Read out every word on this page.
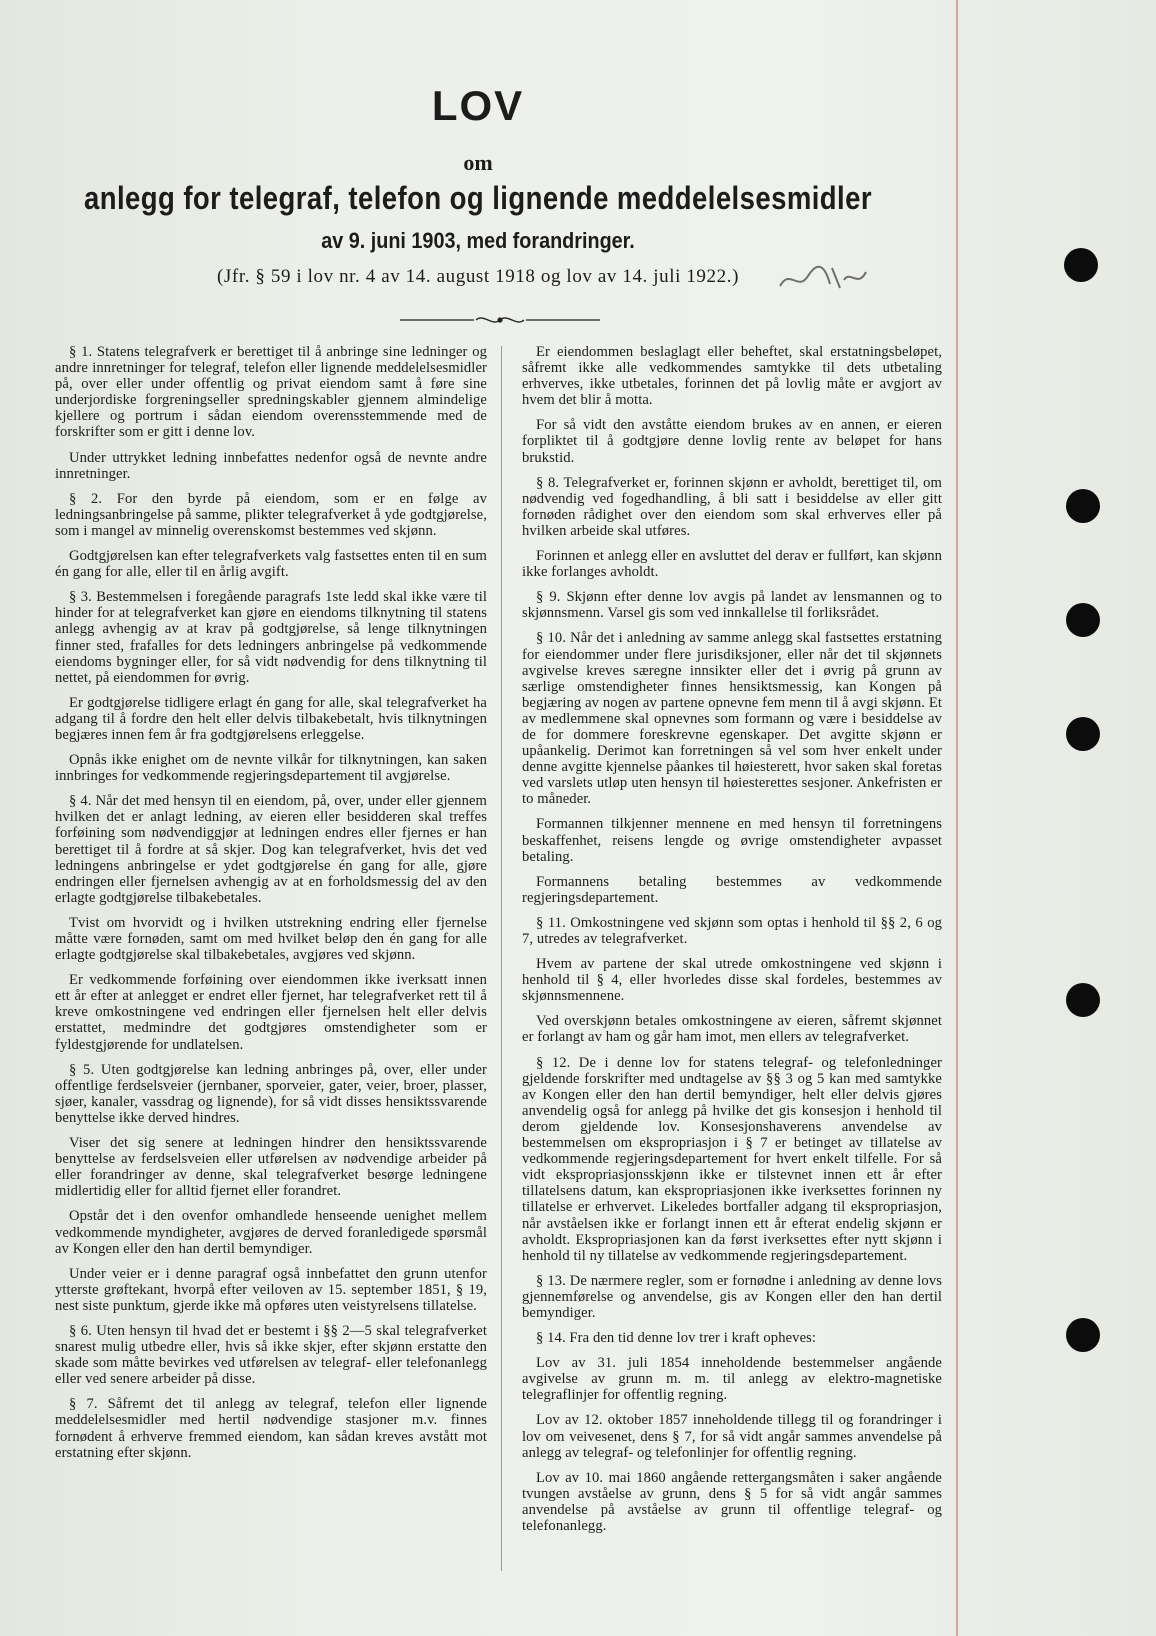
LOV
om
anlegg for telegraf, telefon og lignende meddelelsesmidler
av 9. juni 1903, med forandringer.
(Jfr. § 59 i lov nr. 4 av 14. august 1918 og lov av 14. juli 1922.)

§ 1. Statens telegrafverk er berettiget til å anbringe sine ledninger og andre innretninger for telegraf, telefon eller lignende meddelelsesmidler på, over eller under offentlig og privat eiendom samt å føre sine underjordiske forgreningseller spredningskabler gjennem almindelige kjellere og portrum i sådan eiendom overensstemmende med de forskrifter som er gitt i denne lov.

Under uttrykket ledning innbefattes nedenfor også de nevnte andre innretninger.

§ 2. For den byrde på eiendom, som er en følge av ledningsanbringelse på samme, plikter telegrafverket å yde godtgjørelse, som i mangel av minnelig overenskomst bestemmes ved skjønn.

Godtgjørelsen kan efter telegrafverkets valg fastsettes enten til en sum én gang for alle, eller til en årlig avgift.

§ 3. Bestemmelsen i foregående paragrafs 1ste ledd skal ikke være til hinder for at telegrafverket kan gjøre en eiendoms tilknytning til statens anlegg avhengig av at krav på godtgjørelse, så lenge tilknytningen finner sted, frafalles for dets ledningers anbringelse på vedkommende eiendoms bygninger eller, for så vidt nødvendig for dens tilknytning til nettet, på eiendommen for øvrig.

Er godtgjørelse tidligere erlagt én gang for alle, skal telegrafverket ha adgang til å fordre den helt eller delvis tilbakebetalt, hvis tilknytningen begjæres innen fem år fra godtgjørelsens erleggelse.

Opnås ikke enighet om de nevnte vilkår for tilknytningen, kan saken innbringes for vedkommende regjeringsdepartement til avgjørelse.

§ 4. Når det med hensyn til en eiendom, på, over, under eller gjennem hvilken det er anlagt ledning, av eieren eller besidderen skal treffes forføining som nødvendiggjør at ledningen endres eller fjernes er han berettiget til å fordre at så skjer. Dog kan telegrafverket, hvis det ved ledningens anbringelse er ydet godtgjørelse én gang for alle, gjøre endringen eller fjernelsen avhengig av at en forholdsmessig del av den erlagte godtgjørelse tilbakebetales.

Tvist om hvorvidt og i hvilken utstrekning endring eller fjernelse måtte være fornøden, samt om med hvilket beløp den én gang for alle erlagte godtgjørelse skal tilbakebetales, avgjøres ved skjønn.

Er vedkommende forføining over eiendommen ikke iverksatt innen ett år efter at anlegget er endret eller fjernet, har telegrafverket rett til å kreve omkostningene ved endringen eller fjernelsen helt eller delvis erstattet, medmindre det godtgjøres omstendigheter som er fyldestgjørende for undlatelsen.

§ 5. Uten godtgjørelse kan ledning anbringes på, over, eller under offentlige ferdselsveier (jernbaner, sporveier, gater, veier, broer, plasser, sjøer, kanaler, vassdrag og lignende), for så vidt disses hensiktssvarende benyttelse ikke derved hindres.

Viser det sig senere at ledningen hindrer den hensiktssvarende benyttelse av ferdselsveien eller utførelsen av nødvendige arbeider på eller forandringer av denne, skal telegrafverket besørge ledningene midlertidig eller for alltid fjernet eller forandret.

Opstår det i den ovenfor omhandlede henseende uenighet mellem vedkommende myndigheter, avgjøres de derved foranledigede spørsmål av Kongen eller den han dertil bemyndiger.

Under veier er i denne paragraf også innbefattet den grunn utenfor ytterste grøftekant, hvorpå efter veiloven av 15. september 1851, § 19, nest siste punktum, gjerde ikke må opføres uten veistyrelsens tillatelse.

§ 6. Uten hensyn til hvad det er bestemt i §§ 2—5 skal telegrafverket snarest mulig utbedre eller, hvis så ikke skjer, efter skjønn erstatte den skade som måtte bevirkes ved utførelsen av telegraf- eller telefonanlegg eller ved senere arbeider på disse.

§ 7. Såfremt det til anlegg av telegraf, telefon eller lignende meddelelsesmidler med hertil nødvendige stasjoner m.v. finnes fornødent å erhverve fremmed eiendom, kan sådan kreves avstått mot erstatning efter skjønn.

Er eiendommen beslaglagt eller beheftet, skal erstatningsbeløpet, såfremt ikke alle vedkommendes samtykke til dets utbetaling erhverves, ikke utbetales, forinnen det på lovlig måte er avgjort av hvem det blir å motta.

For så vidt den avståtte eiendom brukes av en annen, er eieren forpliktet til å godtgjøre denne lovlig rente av beløpet for hans brukstid.

§ 8. Telegrafverket er, forinnen skjønn er avholdt, berettiget til, om nødvendig ved fogedhandling, å bli satt i besiddelse av eller gitt fornøden rådighet over den eiendom som skal erhverves eller på hvilken arbeide skal utføres.

Forinnen et anlegg eller en avsluttet del derav er fullført, kan skjønn ikke forlanges avholdt.

§ 9. Skjønn efter denne lov avgis på landet av lensmannen og to skjønnsmenn. Varsel gis som ved innkallelse til forliksrådet.

§ 10. Når det i anledning av samme anlegg skal fastsettes erstatning for eiendommer under flere jurisdiksjoner, eller når det til skjønnets avgivelse kreves særegne innsikter eller det i øvrig på grunn av særlige omstendigheter finnes hensiktsmessig, kan Kongen på begjæring av nogen av partene opnevne fem menn til å avgi skjønn. Et av medlemmene skal opnevnes som formann og være i besiddelse av de for dommere foreskrevne egenskaper. Det avgitte skjønn er upåankelig. Derimot kan forretningen så vel som hver enkelt under denne avgitte kjennelse påankes til høiesterett, hvor saken skal foretas ved varslets utløp uten hensyn til høiesterettes sesjoner. Ankefristen er to måneder.

Formannen tilkjenner mennene en med hensyn til forretningens beskaffenhet, reisens lengde og øvrige omstendigheter avpasset betaling.

Formannens betaling bestemmes av vedkommende regjeringsdepartement.

§ 11. Omkostningene ved skjønn som optas i henhold til §§ 2, 6 og 7, utredes av telegrafverket.

Hvem av partene der skal utrede omkostningene ved skjønn i henhold til § 4, eller hvorledes disse skal fordeles, bestemmes av skjønnsmennene.

Ved overskjønn betales omkostningene av eieren, såfremt skjønnet er forlangt av ham og går ham imot, men ellers av telegrafverket.

§ 12. De i denne lov for statens telegraf- og telefonledninger gjeldende forskrifter med undtagelse av §§ 3 og 5 kan med samtykke av Kongen eller den han dertil bemyndiger, helt eller delvis gjøres anvendelig også for anlegg på hvilke det gis konsesjon i henhold til derom gjeldende lov. Konsesjonshaverens anvendelse av bestemmelsen om ekspropriasjon i § 7 er betinget av tillatelse av vedkommende regjeringsdepartement for hvert enkelt tilfelle. For så vidt ekspropriasjonsskjønn ikke er tilstevnet innen ett år efter tillatelsens datum, kan ekspropriasjonen ikke iverksettes forinnen ny tillatelse er erhvervet. Likeledes bortfaller adgang til ekspropriasjon, når avståelsen ikke er forlangt innen ett år efterat endelig skjønn er avholdt. Ekspropriasjonen kan da først iverksettes efter nytt skjønn i henhold til ny tillatelse av vedkommende regjeringsdepartement.

§ 13. De nærmere regler, som er fornødne i anledning av denne lovs gjennemførelse og anvendelse, gis av Kongen eller den han dertil bemyndiger.

§ 14. Fra den tid denne lov trer i kraft opheves:

Lov av 31. juli 1854 inneholdende bestemmelser angående avgivelse av grunn m. m. til anlegg av elektro-magnetiske telegraflinjer for offentlig regning.

Lov av 12. oktober 1857 inneholdende tillegg til og forandringer i lov om veivesenet, dens § 7, for så vidt angår sammes anvendelse på anlegg av telegraf- og telefonlinjer for offentlig regning.

Lov av 10. mai 1860 angående rettergangsmåten i saker angående tvungen avståelse av grunn, dens § 5 for så vidt angår sammes anvendelse på avståelse av grunn til offentlige telegraf- og telefonanlegg.
